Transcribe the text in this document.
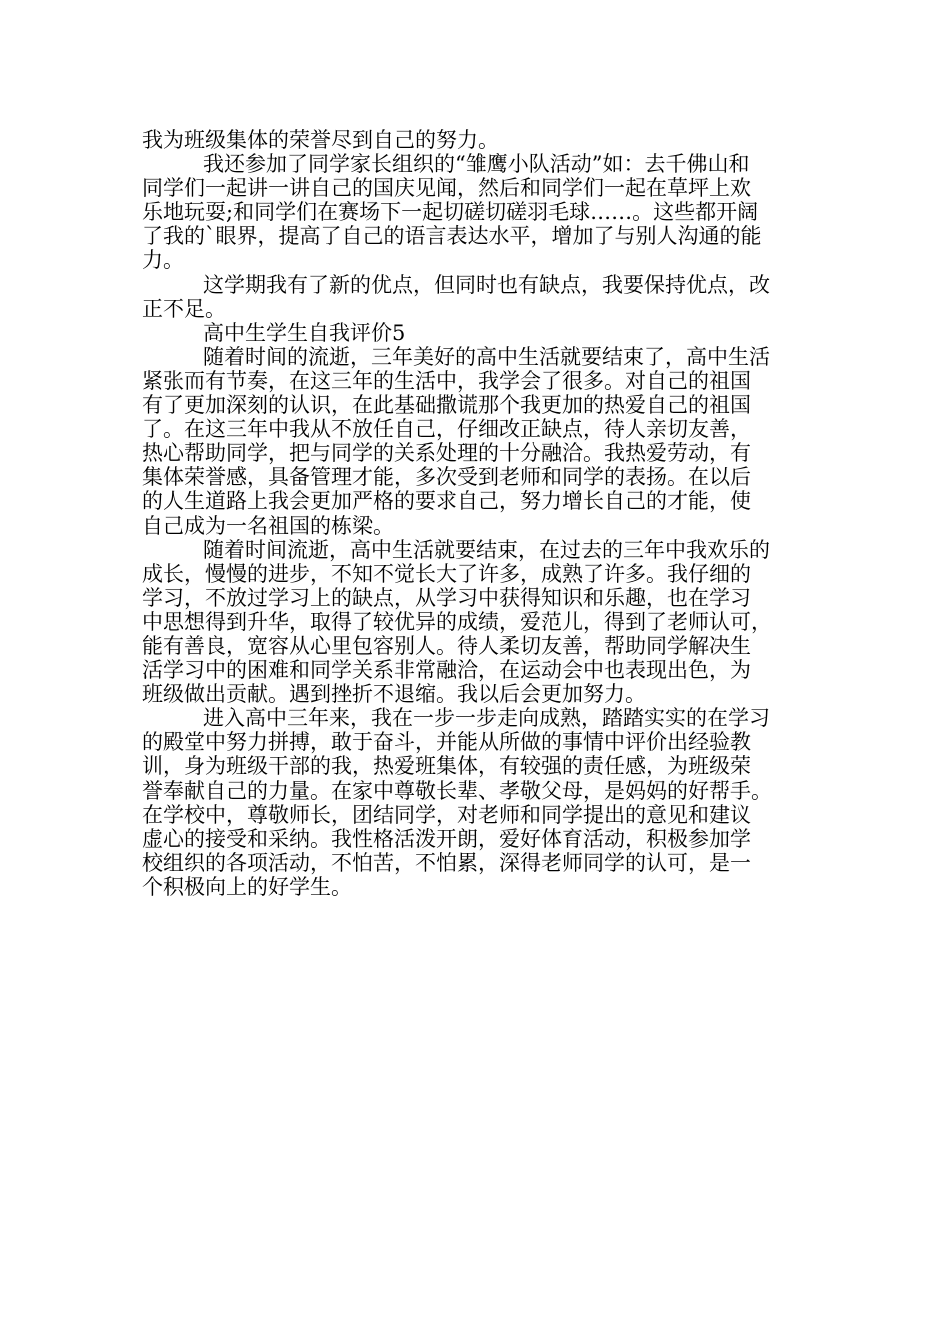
我为班级集体的荣誉尽到自己的努力。
我还参加了同学家长组织的“雏鹰小队活动”如：去千佛山和
同学们一起讲一讲自己的国庆见闻，然后和同学们一起在草坪上欢
乐地玩耍;和同学们在赛场下一起切磋切磋羽毛球……。这些都开阔
了我的`眼界，提高了自己的语言表达水平，增加了与别人沟通的能
力。
这学期我有了新的优点，但同时也有缺点，我要保持优点，改
正不足。
高中生学生自我评价5
随着时间的流逝，三年美好的高中生活就要结束了，高中生活
紧张而有节奏，在这三年的生活中，我学会了很多。对自己的祖国
有了更加深刻的认识，在此基础撒谎那个我更加的热爱自己的祖国
了。在这三年中我从不放任自己，仔细改正缺点，待人亲切友善，
热心帮助同学，把与同学的关系处理的十分融洽。我热爱劳动，有
集体荣誉感，具备管理才能，多次受到老师和同学的表扬。在以后
的人生道路上我会更加严格的要求自己，努力增长自己的才能，使
自己成为一名祖国的栋梁。
随着时间流逝，高中生活就要结束，在过去的三年中我欢乐的
成长，慢慢的进步，不知不觉长大了许多，成熟了许多。我仔细的
学习，不放过学习上的缺点，从学习中获得知识和乐趣，也在学习
中思想得到升华，取得了较优异的成绩，爱范儿，得到了老师认可，
能有善良，宽容从心里包容别人。待人柔切友善，帮助同学解决生
活学习中的困难和同学关系非常融洽，在运动会中也表现出色，为
班级做出贡献。遇到挫折不退缩。我以后会更加努力。
进入高中三年来，我在一步一步走向成熟，踏踏实实的在学习
的殿堂中努力拼搏，敢于奋斗，并能从所做的事情中评价出经验教
训，身为班级干部的我，热爱班集体，有较强的责任感，为班级荣
誉奉献自己的力量。在家中尊敬长辈、孝敬父母，是妈妈的好帮手。
在学校中，尊敬师长，团结同学，对老师和同学提出的意见和建议
虚心的接受和采纳。我性格活泼开朗，爱好体育活动，积极参加学
校组织的各项活动，不怕苦，不怕累，深得老师同学的认可，是一
个积极向上的好学生。
